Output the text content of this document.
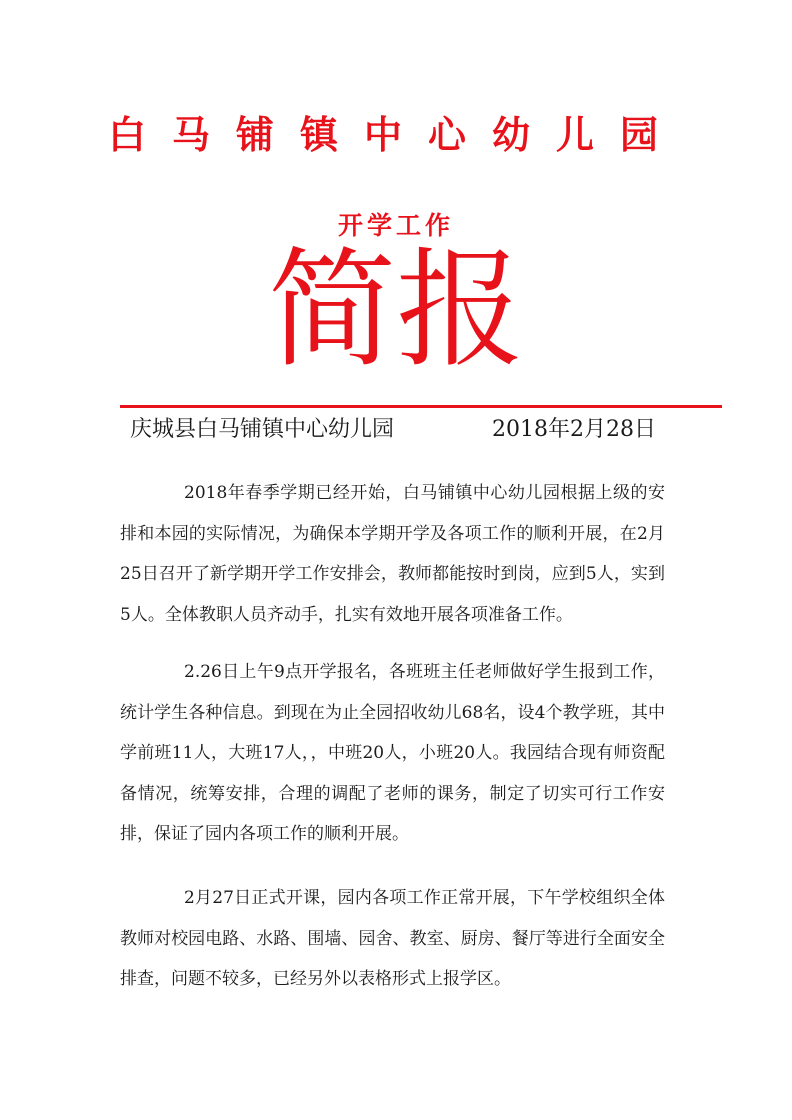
白马铺镇中心幼儿园
开学工作
简报
庆城县白马铺镇中心幼儿园	2018年2月28日

2018年春季学期已经开始，白马铺镇中心幼儿园根据上级的安排和本园的实际情况，为确保本学期开学及各项工作的顺利开展，在2月25日召开了新学期开学工作安排会，教师都能按时到岗，应到5人，实到5人。全体教职人员齐动手，扎实有效地开展各项准备工作。

2.26日上午9点开学报名，各班班主任老师做好学生报到工作，统计学生各种信息。到现在为止全园招收幼儿68名，设4个教学班，其中学前班11人，大班17人，，中班20人，小班20人。我园结合现有师资配备情况，统筹安排，合理的调配了老师的课务，制定了切实可行工作安排，保证了园内各项工作的顺利开展。

2月27日正式开课，园内各项工作正常开展，下午学校组织全体教师对校园电路、水路、围墙、园舍、教室、厨房、餐厅等进行全面安全排查，问题不较多，已经另外以表格形式上报学区。
